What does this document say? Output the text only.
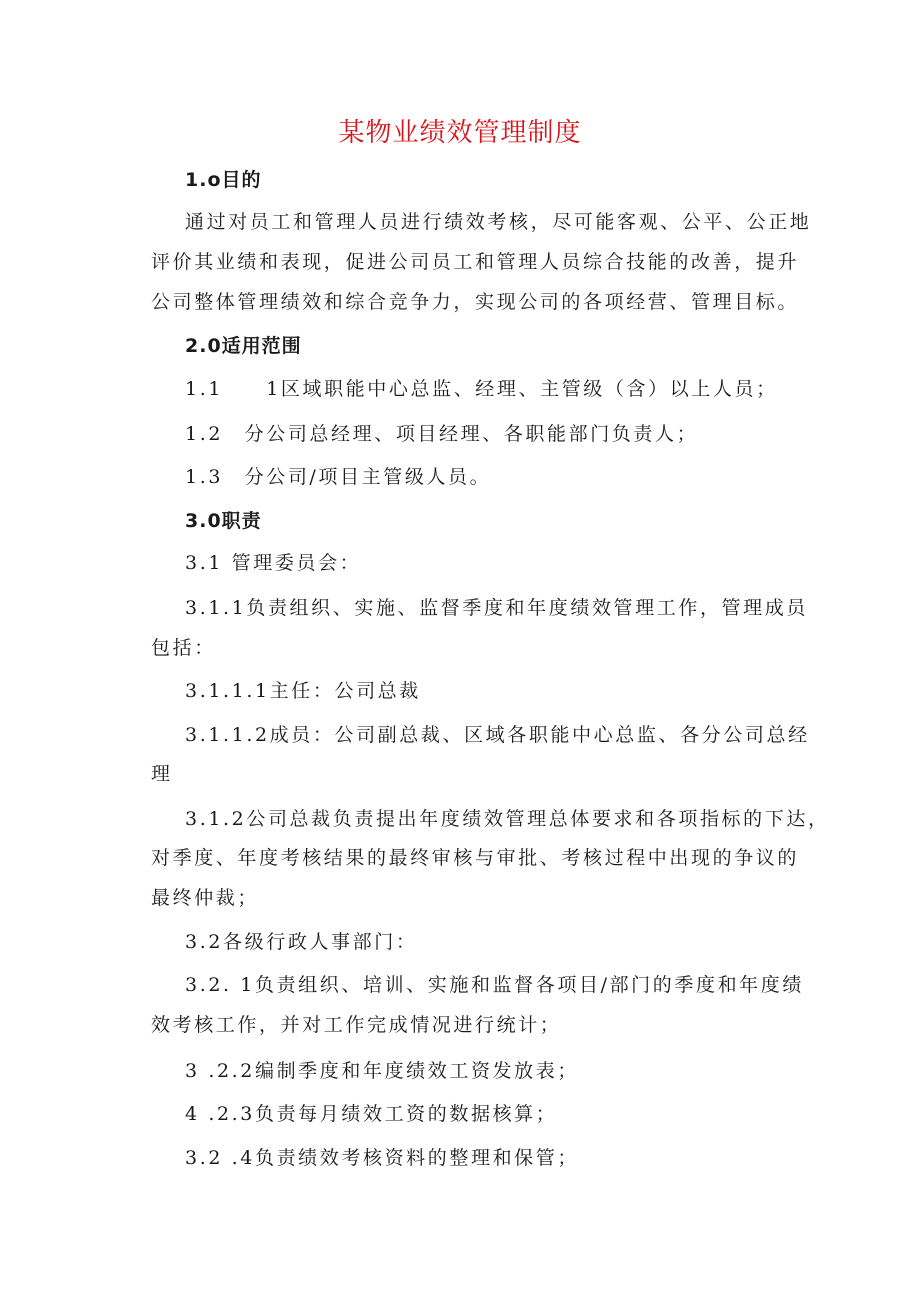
某物业绩效管理制度
1.o目的
通过对员工和管理人员进行绩效考核，尽可能客观、公平、公正地
评价其业绩和表现，促进公司员工和管理人员综合技能的改善，提升
公司整体管理绩效和综合竞争力，实现公司的各项经营、管理目标。
2.0适用范围
1.1　　1区域职能中心总监、经理、主管级（含）以上人员；
1.2　分公司总经理、项目经理、各职能部门负责人；
1.3　分公司/项目主管级人员。
3.0职责
3.1 管理委员会：
3.1.1负责组织、实施、监督季度和年度绩效管理工作，管理成员
包括：
3.1.1.1主任：公司总裁
3.1.1.2成员：公司副总裁、区域各职能中心总监、各分公司总经
理
3.1.2公司总裁负责提出年度绩效管理总体要求和各项指标的下达，
对季度、年度考核结果的最终审核与审批、考核过程中出现的争议的
最终仲裁；
3.2各级行政人事部门：
3.2. 1负责组织、培训、实施和监督各项目/部门的季度和年度绩
效考核工作，并对工作完成情况进行统计；
3 .2.2编制季度和年度绩效工资发放表；
4 .2.3负责每月绩效工资的数据核算；
3.2 .4负责绩效考核资料的整理和保管；
